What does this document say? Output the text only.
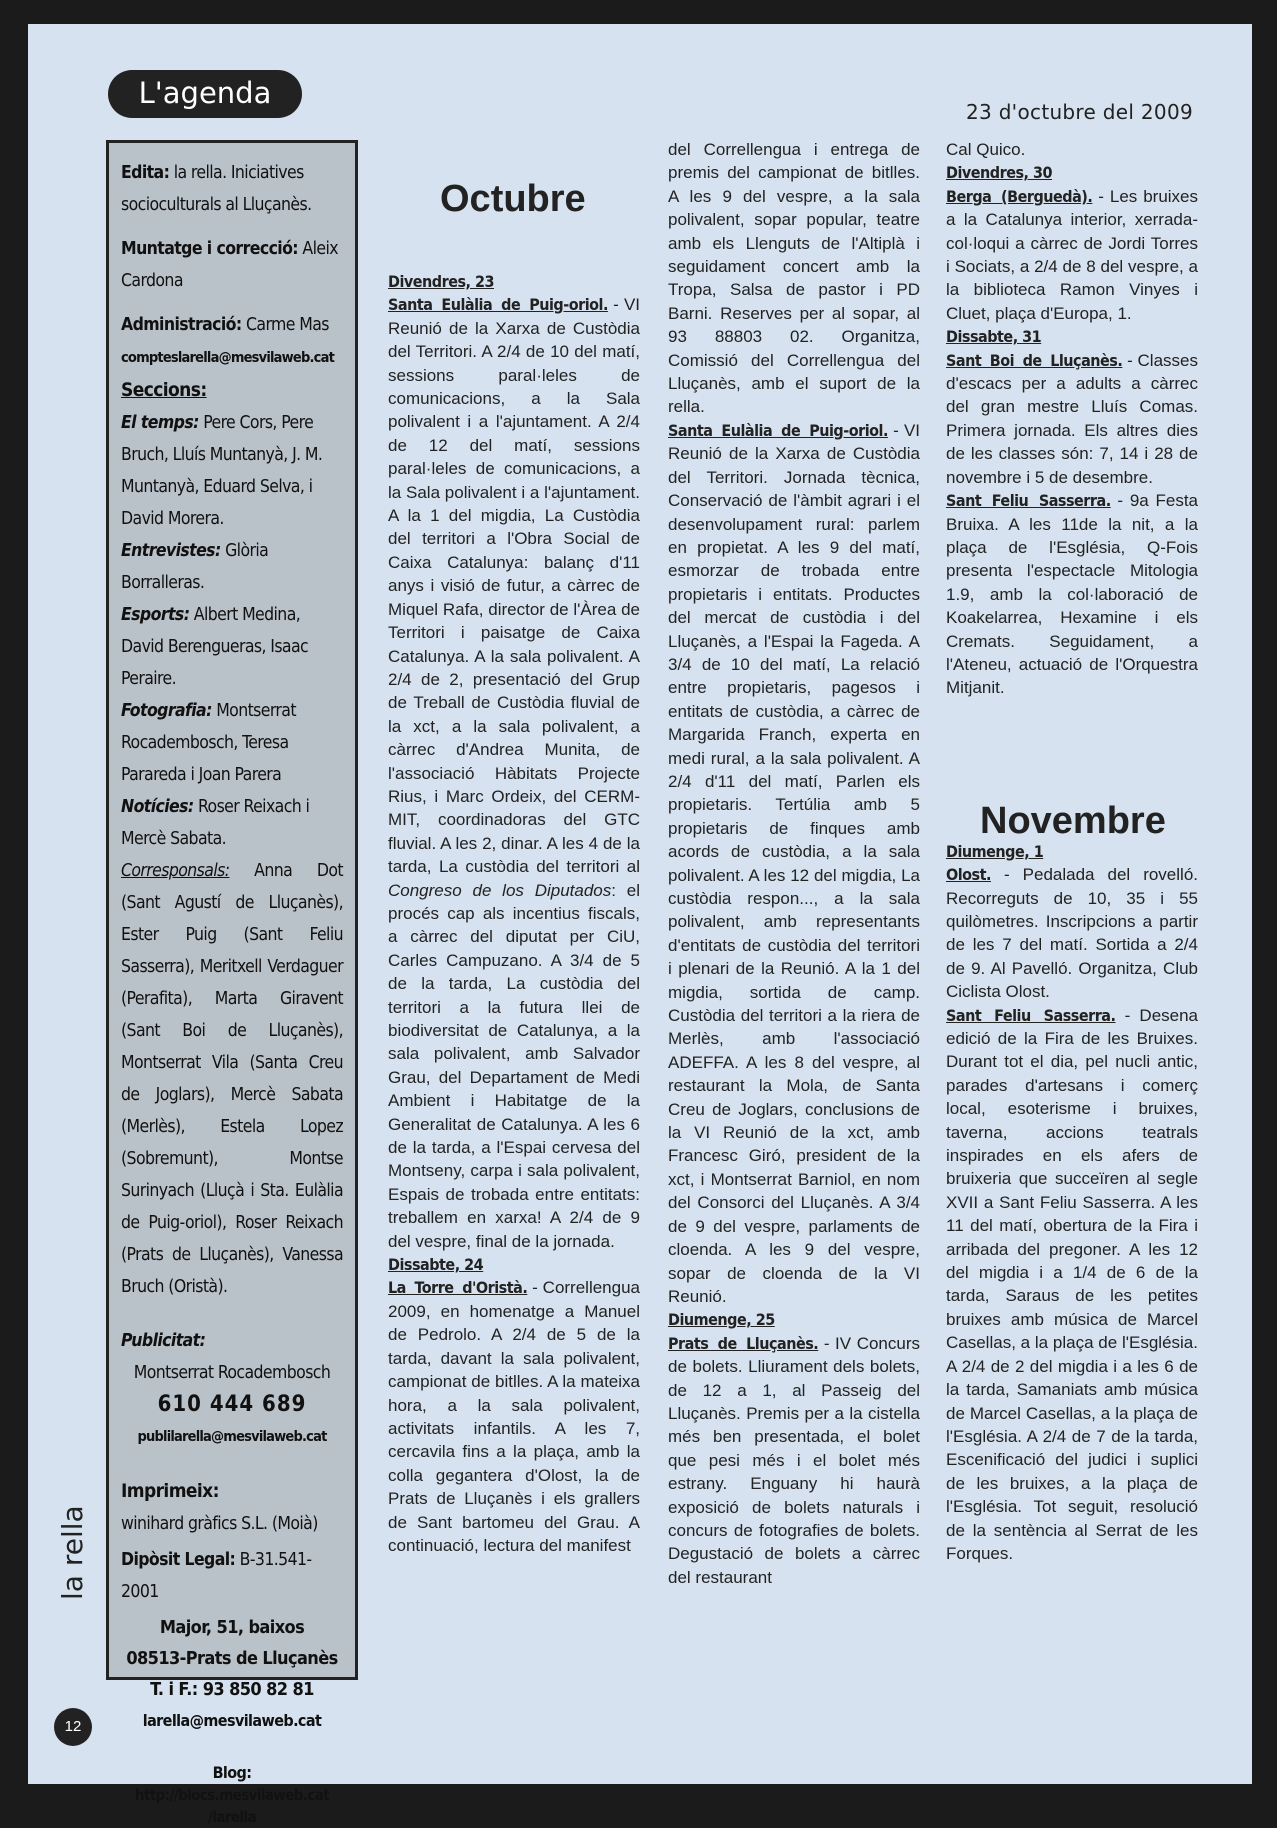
L'agenda
23 d'octubre del 2009

Edita: la rella. Iniciatives socioculturals al Lluçanès.

Muntatge i correcció: Aleix Cardona

Administració: Carme Mas
compteslarella@mesvilaweb.cat

Seccions:

El temps: Pere Cors, Pere Bruch, Lluís Muntanyà, J. M. Muntanyà, Eduard Selva, i David Morera.

Entrevistes: Glòria Borralleras.

Esports: Albert Medina, David Berengueras, Isaac Peraire.

Fotografia: Montserrat Rocadembosch, Teresa Parareda i Joan Parera

Notícies: Roser Reixach i Mercè Sabata.

Corresponsals: Anna Dot (Sant Agustí de Lluçanès), Ester Puig (Sant Feliu Sasserra), Meritxell Verdaguer (Perafita), Marta Giravent (Sant Boi de Lluçanès), Montserrat Vila (Santa Creu de Joglars), Mercè Sabata (Merlès), Estela Lopez (Sobremunt), Montse Surinyach (Lluçà i Sta. Eulàlia de Puig-oriol), Roser Reixach (Prats de Lluçanès), Vanessa Bruch (Oristà).

Publicitat:

Montserrat Rocadembosch
610 444 689
publilarella@mesvilaweb.cat

Imprimeix:
winihard gràfics S.L. (Moià)

Dipòsit Legal: B-31.541-2001

Major, 51, baixos
08513-Prats de Lluçanès
T. i F.: 93 850 82 81
larella@mesvilaweb.cat
Blog:
http://blocs.mesvilaweb.cat
/larella
la rella
12
Octubre
Novembre

Divendres, 23

Santa Eulàlia de Puig-oriol. - VI Reunió de la Xarxa de Custòdia del Territori. A 2/4 de 10 del matí, sessions paral·leles de comunicacions, a la Sala polivalent i a l'ajuntament. A 2/4 de 12 del matí, sessions paral·leles de comunicacions, a la Sala polivalent i a l'ajuntament. A la 1 del migdia, La Custòdia del territori a l'Obra Social de Caixa Catalunya: balanç d'11 anys i visió de futur, a càrrec de Miquel Rafa, director de l'Àrea de Territori i paisatge de Caixa Catalunya. A la sala polivalent. A 2/4 de 2, presentació del Grup de Treball de Custòdia fluvial de la xct, a la sala polivalent, a càrrec d'Andrea Munita, de l'associació Hàbitats Projecte Rius, i Marc Ordeix, del CERM-MIT, coordinadoras del GTC fluvial. A les 2, dinar. A les 4 de la tarda, La custòdia del territori al Congreso de los Diputados: el procés cap als incentius fiscals, a càrrec del diputat per CiU, Carles Campuzano. A 3/4 de 5 de la tarda, La custòdia del territori a la futura llei de biodiversitat de Catalunya, a la sala polivalent, amb Salvador Grau, del Departament de Medi Ambient i Habitatge de la Generalitat de Catalunya. A les 6 de la tarda, a l'Espai cervesa del Montseny, carpa i sala polivalent, Espais de trobada entre entitats: treballem en xarxa! A 2/4 de 9 del vespre, final de la jornada.

Dissabte, 24

La Torre d'Oristà. - Correllengua 2009, en homenatge a Manuel de Pedrolo. A 2/4 de 5 de la tarda, davant la sala polivalent, campionat de bitlles. A la mateixa hora, a la sala polivalent, activitats infantils. A les 7, cercavila fins a la plaça, amb la colla gegantera d'Olost, la de Prats de Lluçanès i els grallers de Sant bartomeu del Grau. A continuació, lectura del manifest

del Correllengua i entrega de premis del campionat de bitlles. A les 9 del vespre, a la sala polivalent, sopar popular, teatre amb els Llenguts de l'Altiplà i seguidament concert amb la Tropa, Salsa de pastor i PD Barni. Reserves per al sopar, al 93 88803 02. Organitza, Comissió del Correllengua del Lluçanès, amb el suport de la rella.

Santa Eulàlia de Puig-oriol. - VI Reunió de la Xarxa de Custòdia del Territori. Jornada tècnica, Conservació de l'àmbit agrari i el desenvolupament rural: parlem en propietat. A les 9 del matí, esmorzar de trobada entre propietaris i entitats. Productes del mercat de custòdia i del Lluçanès, a l'Espai la Fageda. A 3/4 de 10 del matí, La relació entre propietaris, pagesos i entitats de custòdia, a càrrec de Margarida Franch, experta en medi rural, a la sala polivalent. A 2/4 d'11 del matí, Parlen els propietaris. Tertúlia amb 5 propietaris de finques amb acords de custòdia, a la sala polivalent. A les 12 del migdia, La custòdia respon..., a la sala polivalent, amb representants d'entitats de custòdia del territori i plenari de la Reunió. A la 1 del migdia, sortida de camp. Custòdia del territori a la riera de Merlès, amb l'associació ADEFFA. A les 8 del vespre, al restaurant la Mola, de Santa Creu de Joglars, conclusions de la VI Reunió de la xct, amb Francesc Giró, president de la xct, i Montserrat Barniol, en nom del Consorci del Lluçanès. A 3/4 de 9 del vespre, parlaments de cloenda. A les 9 del vespre, sopar de cloenda de la VI Reunió.

Diumenge, 25

Prats de Lluçanès. - IV Concurs de bolets. Lliurament dels bolets, de 12 a 1, al Passeig del Lluçanès. Premis per a la cistella més ben presentada, el bolet que pesi més i el bolet més estrany. Enguany hi haurà exposició de bolets naturals i concurs de fotografies de bolets. Degustació de bolets a càrrec del restaurant

Cal Quico.

Divendres, 30

Berga (Berguedà). - Les bruixes a la Catalunya interior, xerrada-col·loqui a càrrec de Jordi Torres i Sociats, a 2/4 de 8 del vespre, a la biblioteca Ramon Vinyes i Cluet, plaça d'Europa, 1.

Dissabte, 31

Sant Boi de Lluçanès. - Classes d'escacs per a adults a càrrec del gran mestre Lluís Comas. Primera jornada. Els altres dies de les classes són: 7, 14 i 28 de novembre i 5 de desembre.

Sant Feliu Sasserra. - 9a Festa Bruixa. A les 11de la nit, a la plaça de l'Església, Q-Fois presenta l'espectacle Mitologia 1.9, amb la col·laboració de Koakelarrea, Hexamine i els Cremats. Seguidament, a l'Ateneu, actuació de l'Orquestra Mitjanit.

Diumenge, 1

Olost. - Pedalada del rovelló. Recorreguts de 10, 35 i 55 quilòmetres. Inscripcions a partir de les 7 del matí. Sortida a 2/4 de 9. Al Pavelló. Organitza, Club Ciclista Olost.

Sant Feliu Sasserra. - Desena edició de la Fira de les Bruixes. Durant tot el dia, pel nucli antic, parades d'artesans i comerç local, esoterisme i bruixes, taverna, accions teatrals inspirades en els afers de bruixeria que succeïren al segle XVII a Sant Feliu Sasserra. A les 11 del matí, obertura de la Fira i arribada del pregoner. A les 12 del migdia i a 1/4 de 6 de la tarda, Saraus de les petites bruixes amb música de Marcel Casellas, a la plaça de l'Església. A 2/4 de 2 del migdia i a les 6 de la tarda, Samaniats amb música de Marcel Casellas, a la plaça de l'Església. A 2/4 de 7 de la tarda, Escenificació del judici i suplici de les bruixes, a la plaça de l'Església. Tot seguit, resolució de la sentència al Serrat de les Forques.
